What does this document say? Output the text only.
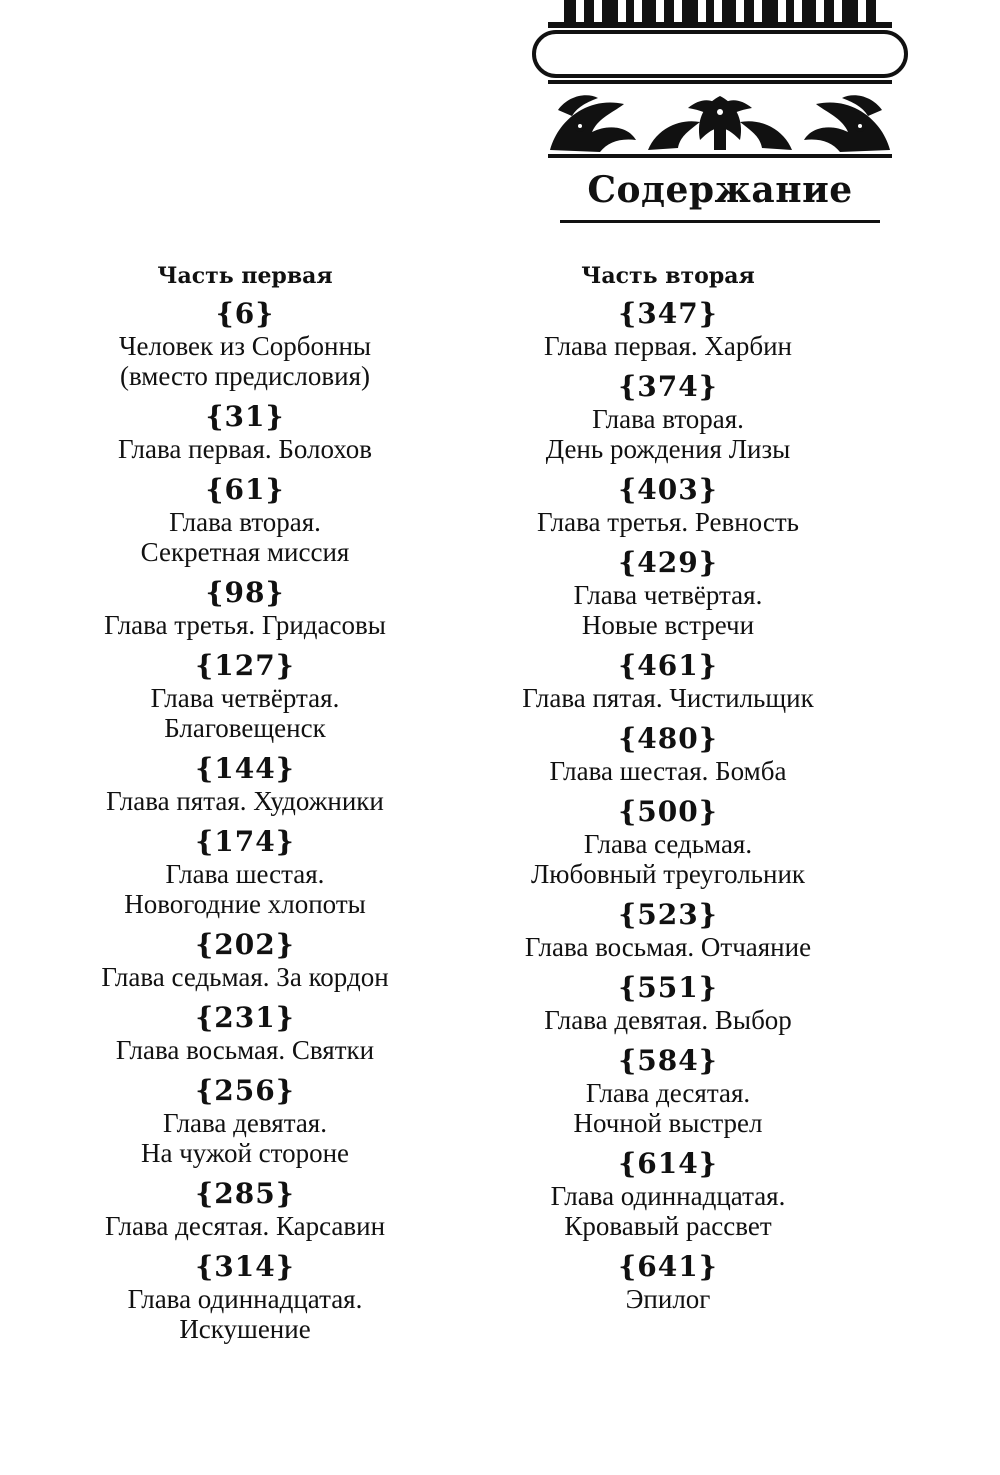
Содержание
Часть первая
{6}
Человек из Сорбонны
(вместо предисловия)
{31}
Глава первая. Болохов
{61}
Глава вторая.
Секретная миссия
{98}
Глава третья. Гридасовы
{127}
Глава четвёртая.
Благовещенск
{144}
Глава пятая. Художники
{174}
Глава шестая.
Новогодние хлопоты
{202}
Глава седьмая. За кордон
{231}
Глава восьмая. Святки
{256}
Глава девятая.
На чужой стороне
{285}
Глава десятая. Карсавин
{314}
Глава одиннадцатая.
Искушение
Часть вторая
{347}
Глава первая. Харбин
{374}
Глава вторая.
День рождения Лизы
{403}
Глава третья. Ревность
{429}
Глава четвёртая.
Новые встречи
{461}
Глава пятая. Чистильщик
{480}
Глава шестая. Бомба
{500}
Глава седьмая.
Любовный треугольник
{523}
Глава восьмая. Отчаяние
{551}
Глава девятая. Выбор
{584}
Глава десятая.
Ночной выстрел
{614}
Глава одиннадцатая.
Кровавый рассвет
{641}
Эпилог
